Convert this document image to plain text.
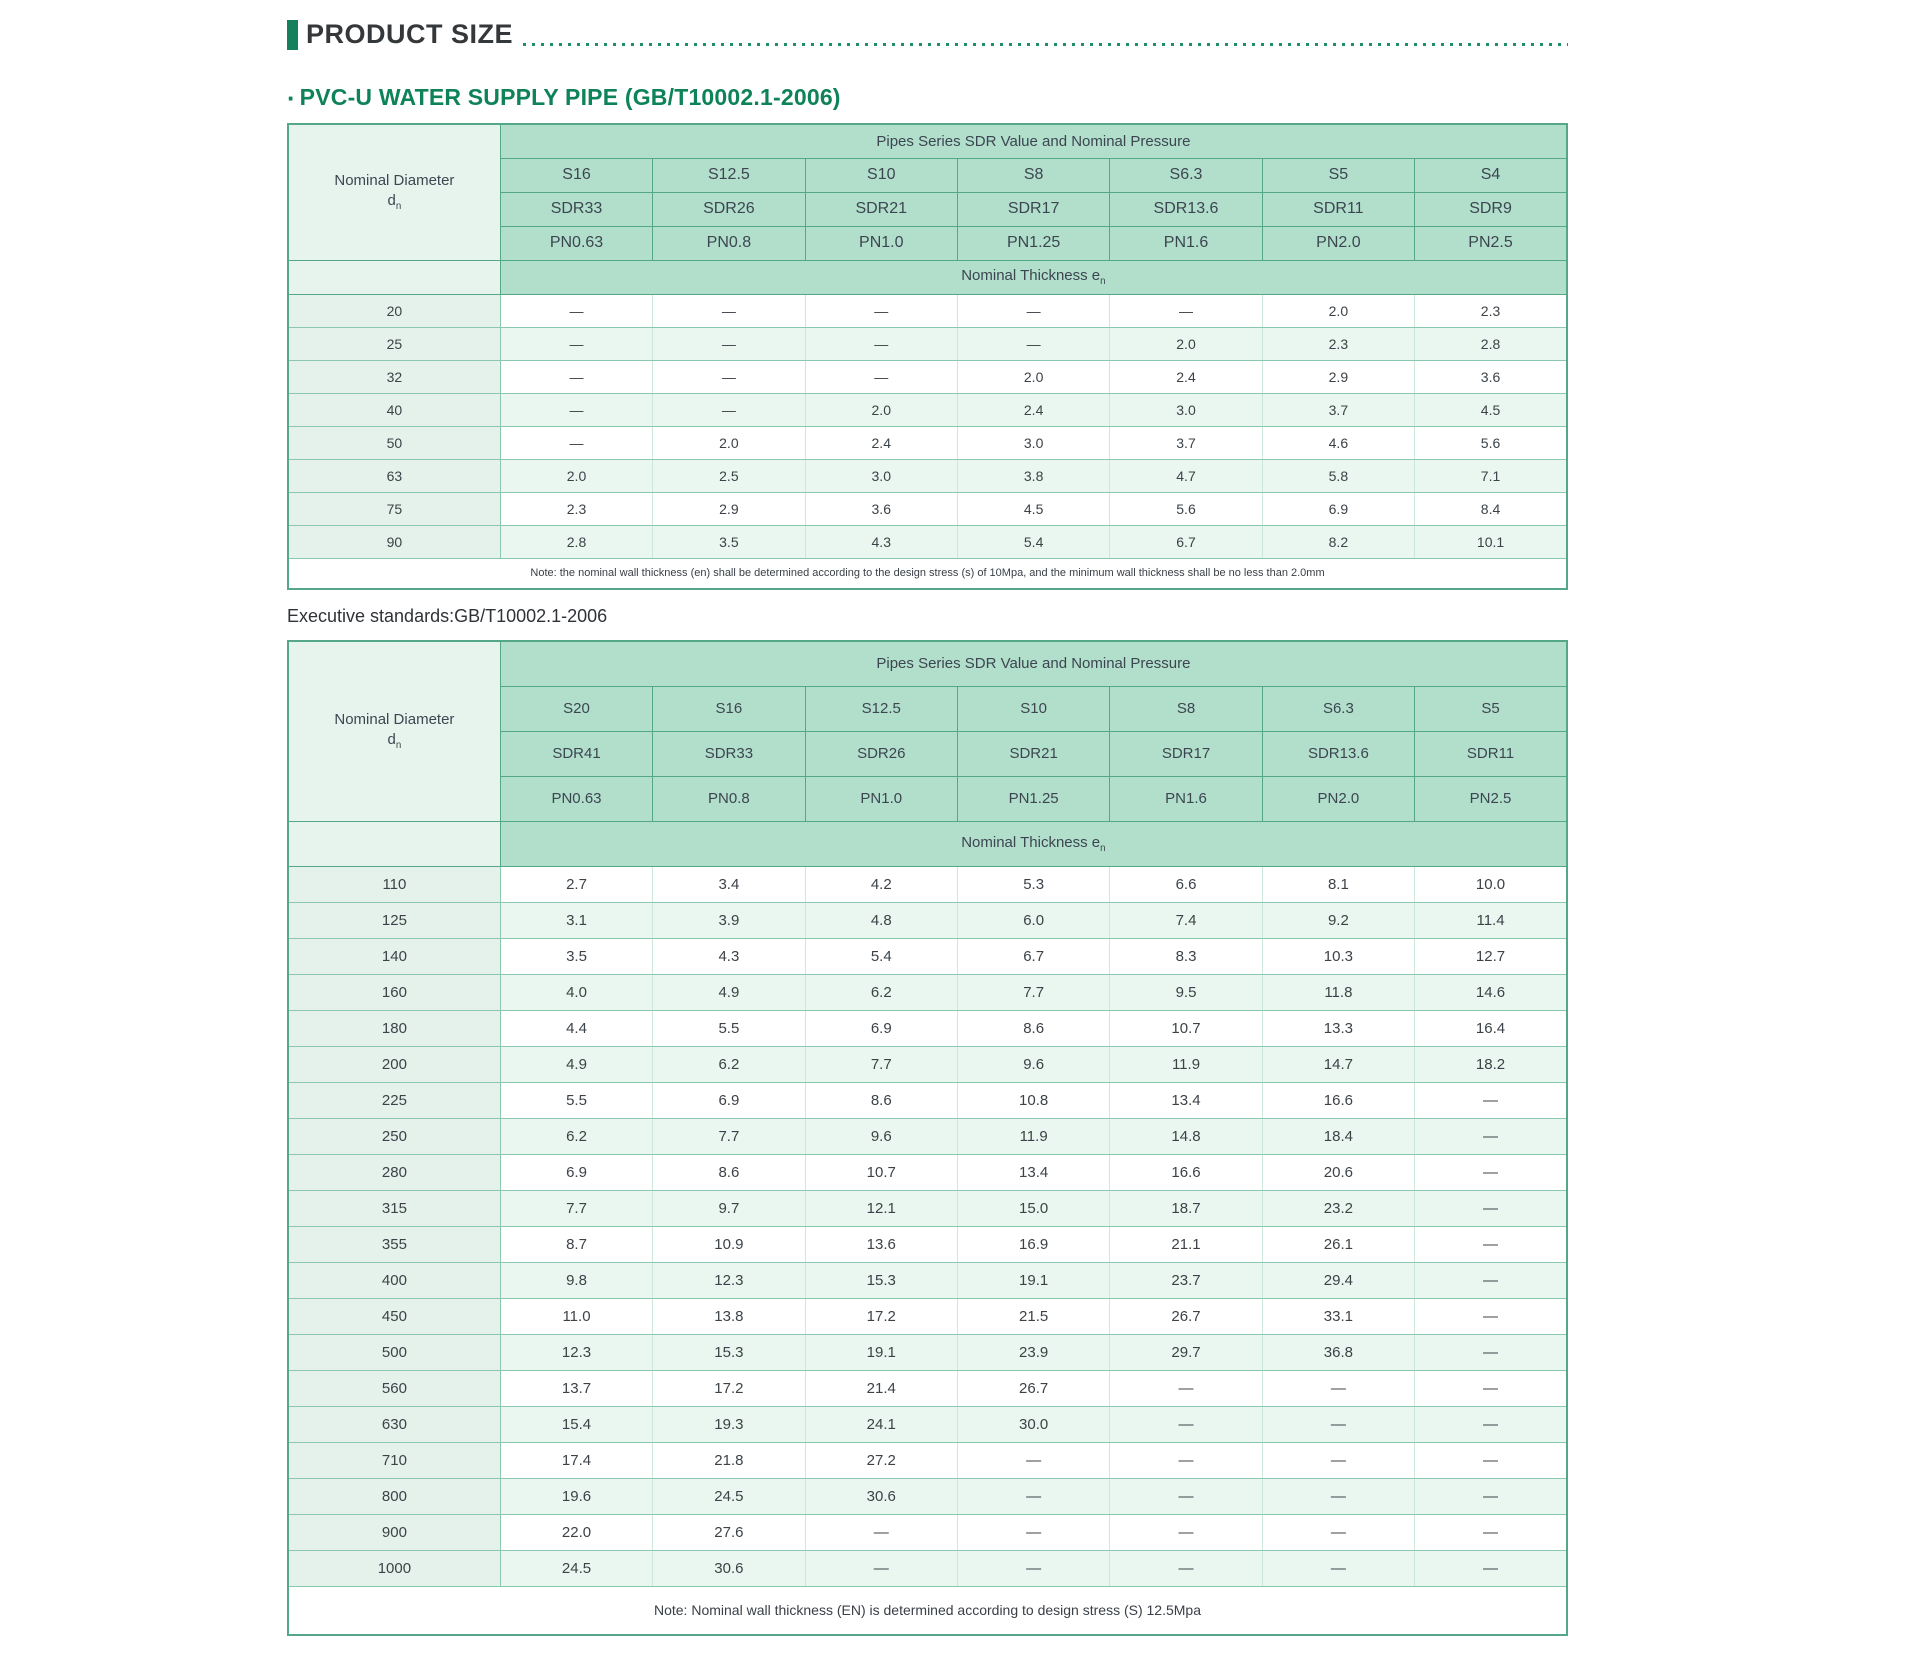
PRODUCT SIZE
· PVC-U WATER SUPPLY PIPE (GB/T10002.1-2006)
Nominal Diameter
$d_n$	Pipes Series SDR Value and Nominal Pressure						
	S16	S12.5	S10	S8	S6.3	S5	S4
	SDR33	SDR26	SDR21	SDR17	SDR13.6	SDR11	SDR9
	PN0.63	PN0.8	PN1.0	PN1.25	PN1.6	PN2.0	PN2.5
	Nominal Thickness $e_n$
20	—	—	—	—	—	2.0	2.3
25	—	—	—	—	2.0	2.3	2.8
32	—	—	—	2.0	2.4	2.9	3.6
40	—	—	2.0	2.4	3.0	3.7	4.5
50	—	2.0	2.4	3.0	3.7	4.6	5.6
63	2.0	2.5	3.0	3.8	4.7	5.8	7.1
75	2.3	2.9	3.6	4.5	5.6	6.9	8.4
90	2.8	3.5	4.3	5.4	6.7	8.2	10.1
Note: the nominal wall thickness (en) shall be determined according to the design stress (s) of 10Mpa, and the minimum wall thickness shall be no less than 2.0mm							
Executive standards:GB/T10002.1-2006
Nominal Diameter
$d_n$	Pipes Series SDR Value and Nominal Pressure						
	S20	S16	S12.5	S10	S8	S6.3	S5
	SDR41	SDR33	SDR26	SDR21	SDR17	SDR13.6	SDR11
	PN0.63	PN0.8	PN1.0	PN1.25	PN1.6	PN2.0	PN2.5
	Nominal Thickness $e_n$
110	2.7	3.4	4.2	5.3	6.6	8.1	10.0
125	3.1	3.9	4.8	6.0	7.4	9.2	11.4
140	3.5	4.3	5.4	6.7	8.3	10.3	12.7
160	4.0	4.9	6.2	7.7	9.5	11.8	14.6
180	4.4	5.5	6.9	8.6	10.7	13.3	16.4
200	4.9	6.2	7.7	9.6	11.9	14.7	18.2
225	5.5	6.9	8.6	10.8	13.4	16.6	—
250	6.2	7.7	9.6	11.9	14.8	18.4	—
280	6.9	8.6	10.7	13.4	16.6	20.6	—
315	7.7	9.7	12.1	15.0	18.7	23.2	—
355	8.7	10.9	13.6	16.9	21.1	26.1	—
400	9.8	12.3	15.3	19.1	23.7	29.4	—
450	11.0	13.8	17.2	21.5	26.7	33.1	—
500	12.3	15.3	19.1	23.9	29.7	36.8	—
560	13.7	17.2	21.4	26.7	—	—	—
630	15.4	19.3	24.1	30.0	—	—	—
710	17.4	21.8	27.2	—	—	—	—
800	19.6	24.5	30.6	—	—	—	—
900	22.0	27.6	—	—	—	—	—
1000	24.5	30.6	—	—	—	—	—
Note: Nominal wall thickness (EN) is determined according to design stress (S) 12.5Mpa							
